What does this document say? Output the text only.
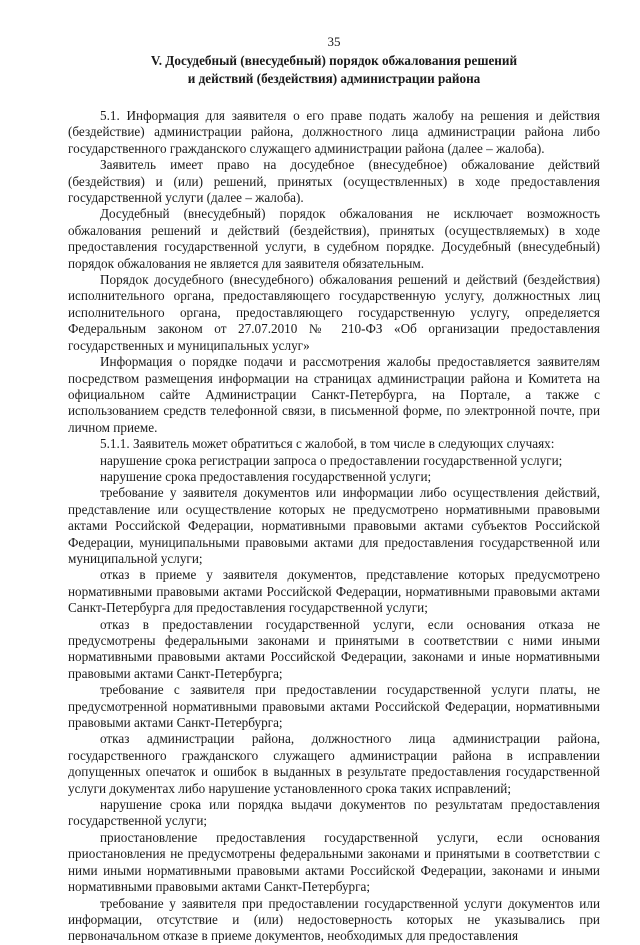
35
V. Досудебный (внесудебный) порядок обжалования решений
и действий (бездействия) администрации района

5.1. Информация для заявителя о его праве подать жалобу на решения и действия (бездействие) администрации района, должностного лица администрации района либо государственного гражданского служащего администрации района (далее – жалоба).

Заявитель имеет право на досудебное (внесудебное) обжалование действий (бездействия) и (или) решений, принятых (осуществленных) в ходе предоставления государственной услуги (далее – жалоба).

Досудебный (внесудебный) порядок обжалования не исключает возможность обжалования решений и действий (бездействия), принятых (осуществляемых) в ходе предоставления государственной услуги, в судебном порядке. Досудебный (внесудебный) порядок обжалования не является для заявителя обязательным.

Порядок досудебного (внесудебного) обжалования решений и действий (бездействия) исполнительного органа, предоставляющего государственную услугу, должностных лиц исполнительного органа, предоставляющего государственную услугу, определяется Федеральным законом от 27.07.2010 № 210-ФЗ «Об организации предоставления государственных и муниципальных услуг»

Информация о порядке подачи и рассмотрения жалобы предоставляется заявителям посредством размещения информации на страницах администрации района и Комитета на официальном сайте Администрации Санкт-Петербурга, на Портале, а также с использованием средств телефонной связи, в письменной форме, по электронной почте, при личном приеме.

5.1.1. Заявитель может обратиться с жалобой, в том числе в следующих случаях:

нарушение срока регистрации запроса о предоставлении государственной услуги;

нарушение срока предоставления государственной услуги;

требование у заявителя документов или информации либо осуществления действий, представление или осуществление которых не предусмотрено нормативными правовыми актами Российской Федерации, нормативными правовыми актами субъектов Российской Федерации, муниципальными правовыми актами для предоставления государственной или муниципальной услуги;

отказ в приеме у заявителя документов, представление которых предусмотрено нормативными правовыми актами Российской Федерации, нормативными правовыми актами Санкт-Петербурга для предоставления государственной услуги;

отказ в предоставлении государственной услуги, если основания отказа не предусмотрены федеральными законами и принятыми в соответствии с ними иными нормативными правовыми актами Российской Федерации, законами и иные нормативными правовыми актами Санкт-Петербурга;

требование с заявителя при предоставлении государственной услуги платы, не предусмотренной нормативными правовыми актами Российской Федерации, нормативными правовыми актами Санкт-Петербурга;

отказ администрации района, должностного лица администрации района, государственного гражданского служащего администрации района в исправлении допущенных опечаток и ошибок в выданных в результате предоставления государственной услуги документах либо нарушение установленного срока таких исправлений;

нарушение срока или порядка выдачи документов по результатам предоставления государственной услуги;

приостановление предоставления государственной услуги, если основания приостановления не предусмотрены федеральными законами и принятыми в соответствии с ними иными нормативными правовыми актами Российской Федерации, законами и иными нормативными правовыми актами Санкт-Петербурга;

требование у заявителя при предоставлении государственной услуги документов или информации, отсутствие и (или) недостоверность которых не указывались при первоначальном отказе в приеме документов, необходимых для предоставления
